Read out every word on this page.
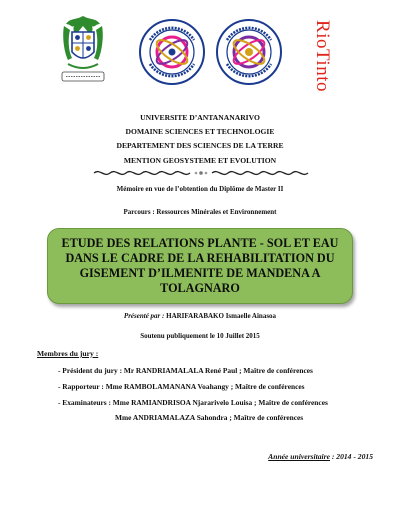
RioTinto
UNIVERSITE D’ANTANANARIVO
DOMAINE SCIENCES ET TECHNOLOGIE
DEPARTEMENT DES SCIENCES DE LA TERRE
MENTION GEOSYSTEME ET EVOLUTION
Mémoire en vue de l’obtention du Diplôme de Master II
Parcours : Ressources Minérales et Environnement
ETUDE DES RELATIONS PLANTE - SOL ET EAU DANS LE CADRE DE LA REHABILITATION DU GISEMENT D’ILMENITE DE MANDENA A TOLAGNARO
Présenté par : HARIFARABAKO Ismaelle Ainasoa
Soutenu publiquement le 10 Juillet 2015
Membres du jury :
- Président du jury : Mr RANDRIAMALALA René Paul ; Maître de conférences
- Rapporteur : Mme RAMBOLAMANANA Voahangy ; Maître de conférences
- Examinateurs : Mme RAMIANDRISOA Njararivelo Louisa ; Maître de conférences
Mme ANDRIAMALAZA Sahondra ; Maître de conférences
Année universitaire : 2014 - 2015
